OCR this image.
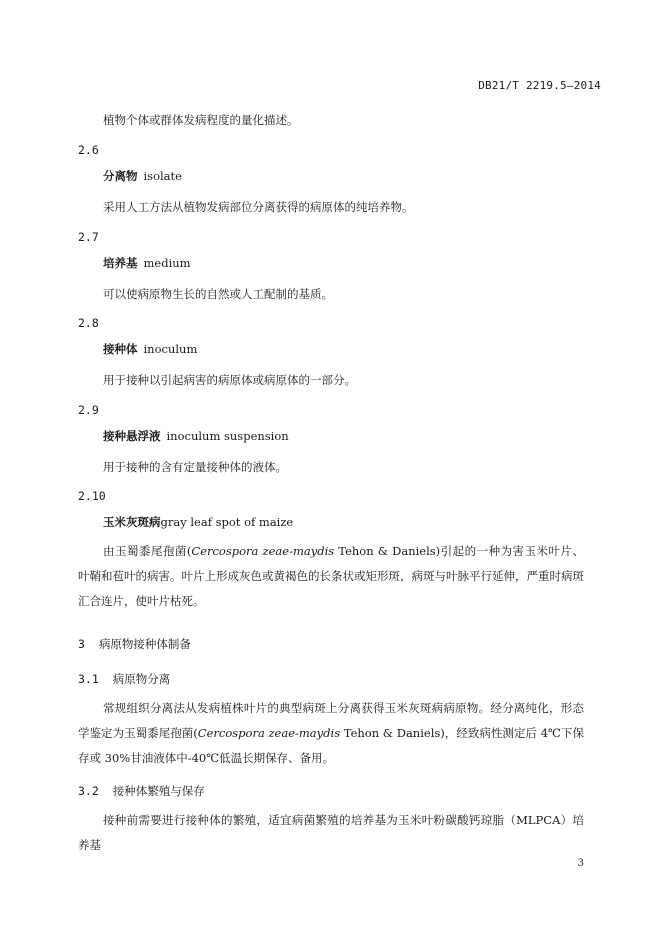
DB21/T 2219.5—2014
植物个体或群体发病程度的量化描述。
2.6
分离物 isolate
采用人工方法从植物发病部位分离获得的病原体的纯培养物。
2.7
培养基 medium
可以使病原物生长的自然或人工配制的基质。
2.8
接种体 inoculum
用于接种以引起病害的病原体或病原体的一部分。
2.9
接种悬浮液 inoculum suspension
用于接种的含有定量接种体的液体。
2.10
玉米灰斑病gray leaf spot of maize
由玉蜀黍尾孢菌(Cercospora zeae-maydis Tehon & Daniels)引起的一种为害玉米叶片、叶鞘和苞叶的病害。叶片上形成灰色或黄褐色的长条状或矩形斑，病斑与叶脉平行延伸，严重时病斑汇合连片，使叶片枯死。
3 病原物接种体制备
3.1 病原物分离
常规组织分离法从发病植株叶片的典型病斑上分离获得玉米灰斑病病原物。经分离纯化，形态学鉴定为玉蜀黍尾孢菌(Cercospora zeae-maydis Tehon & Daniels)，经致病性测定后 4℃下保存或 30%甘油液体中-40℃低温长期保存、备用。
3.2 接种体繁殖与保存
接种前需要进行接种体的繁殖，适宜病菌繁殖的培养基为玉米叶粉碳酸钙琼脂（MLPCA）培养基
3
